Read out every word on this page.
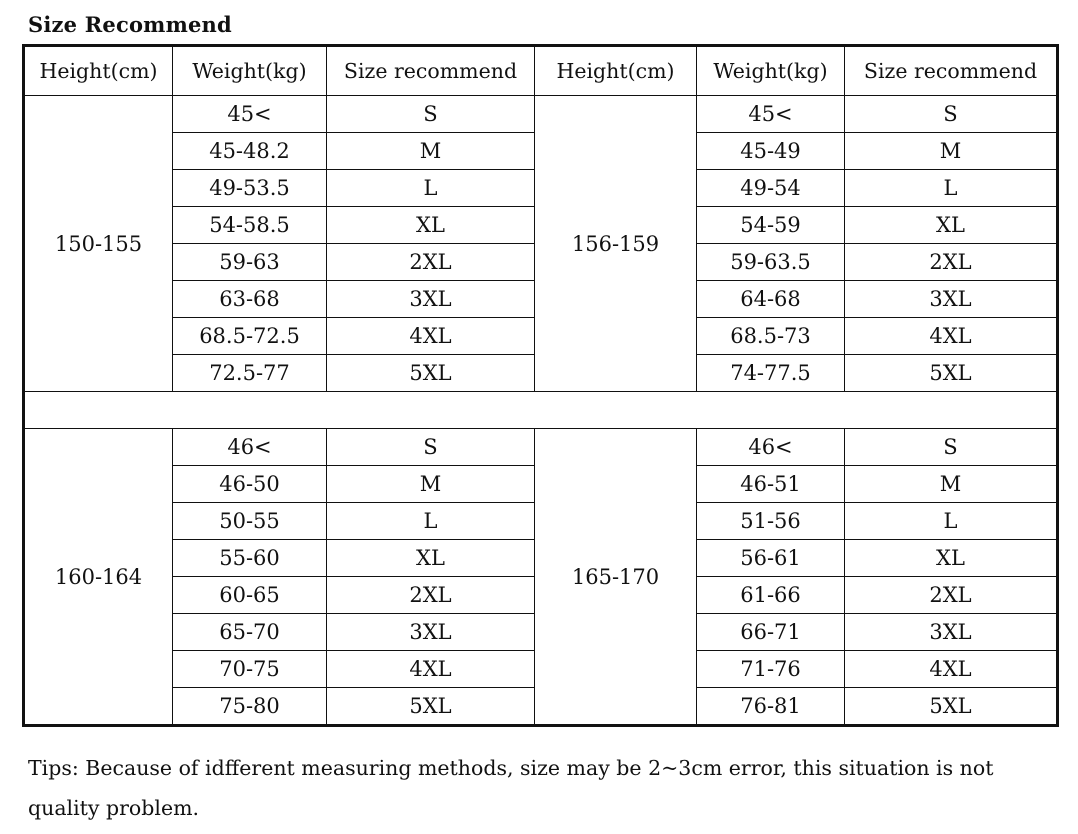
Size Recommend
Height(cm)	Weight(kg)	Size recommend	Height(cm)	Weight(kg)	Size recommend
150-155	45<	S	156-159	45<	S
	45-48.2	M		45-49	M
	49-53.5	L		49-54	L
	54-58.5	XL		54-59	XL
	59-63	2XL		59-63.5	2XL
	63-68	3XL		64-68	3XL
	68.5-72.5	4XL		68.5-73	4XL
	72.5-77	5XL		74-77.5	5XL

160-164	46<	S	165-170	46<	S
	46-50	M		46-51	M
	50-55	L		51-56	L
	55-60	XL		56-61	XL
	60-65	2XL		61-66	2XL
	65-70	3XL		66-71	3XL
	70-75	4XL		71-76	4XL
	75-80	5XL		76-81	5XL
Tips: Because of idfferent measuring methods, size may be 2~3cm error, this situation is not quality problem.
